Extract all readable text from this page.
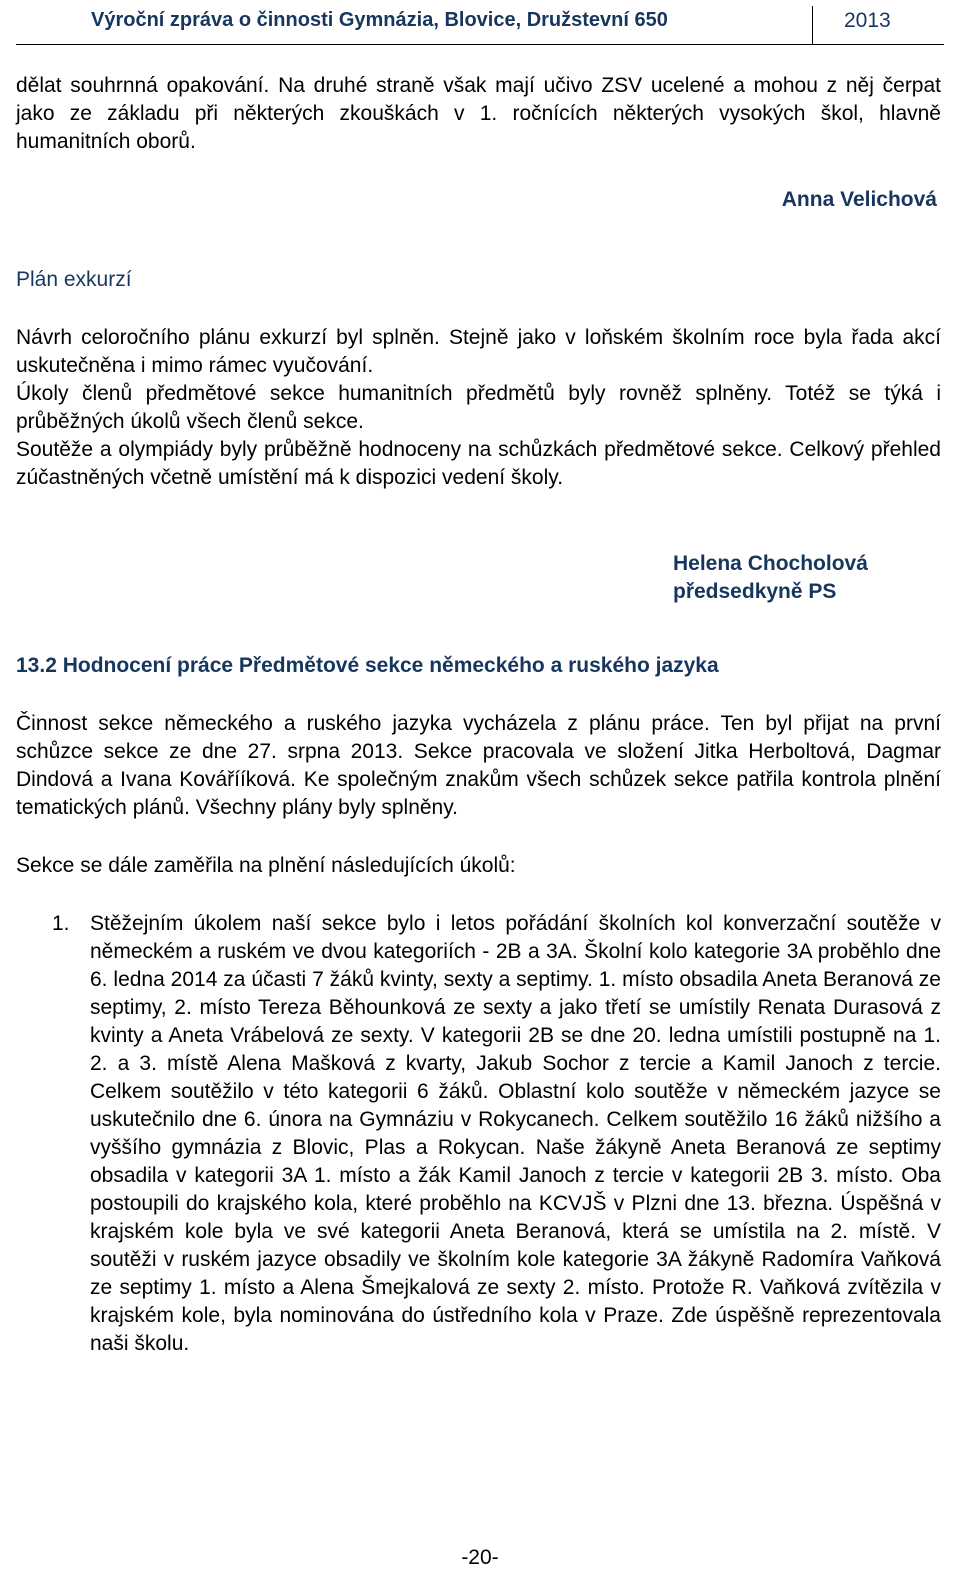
Výroční zpráva o činnosti Gymnázia, Blovice, Družstevní 650	2013

dělat souhrnná opakování. Na druhé straně však mají učivo ZSV ucelené a mohou z něj čerpat jako ze základu při některých zkouškách v 1. ročnících některých vysokých škol, hlavně humanitních oborů.

Anna Velichová

Plán exkurzí

Návrh celoročního plánu exkurzí byl splněn. Stejně jako v loňském školním roce byla řada akcí uskutečněna i mimo rámec vyučování.

Úkoly členů předmětové sekce humanitních předmětů byly rovněž splněny. Totéž se týká i průběžných úkolů všech členů sekce.

Soutěže a olympiády byly průběžně hodnoceny na schůzkách předmětové sekce. Celkový přehled zúčastněných včetně umístění má k dispozici vedení školy.

Helena Chocholová

předsedkyně PS

13.2 Hodnocení práce Předmětové sekce německého a ruského jazyka

Činnost sekce německého a ruského jazyka vycházela z plánu práce. Ten byl přijat na první schůzce sekce ze dne 27. srpna 2013. Sekce pracovala ve složení Jitka Herboltová, Dagmar Dindová a Ivana Kovářííková. Ke společným znakům všech schůzek sekce patřila kontrola plnění tematických plánů. Všechny plány byly splněny.

Sekce se dále zaměřila na plnění následujících úkolů:

1. Stěžejním úkolem naší sekce bylo i letos pořádání školních kol konverzační soutěže v německém a ruském ve dvou kategoriích - 2B a 3A. Školní kolo kategorie 3A proběhlo dne 6. ledna 2014 za účasti 7 žáků kvinty, sexty a septimy. 1. místo obsadila Aneta Beranová ze septimy, 2. místo Tereza Běhounková ze sexty a jako třetí se umístily Renata Durasová z kvinty a Aneta Vrábelová ze sexty. V kategorii 2B se dne 20. ledna umístili postupně na 1. 2. a 3. místě Alena Mašková z kvarty, Jakub Sochor z tercie a Kamil Janoch z tercie. Celkem soutěžilo v této kategorii 6 žáků. Oblastní kolo soutěže v německém jazyce se uskutečnilo dne 6. února na Gymnáziu v Rokycanech. Celkem soutěžilo 16 žáků nižšího a vyššího gymnázia z Blovic, Plas a Rokycan. Naše žákyně Aneta Beranová ze septimy obsadila v kategorii 3A 1. místo a žák Kamil Janoch z tercie v kategorii 2B 3. místo. Oba postoupili do krajského kola, které proběhlo na KCVJŠ v Plzni dne 13. března. Úspěšná v krajském kole byla ve své kategorii Aneta Beranová, která se umístila na 2. místě. V soutěži v ruském jazyce obsadily ve školním kole kategorie 3A žákyně Radomíra Vaňková ze septimy 1. místo a Alena Šmejkalová ze sexty 2. místo. Protože R. Vaňková zvítězila v krajském kole, byla nominována do ústředního kola v Praze. Zde úspěšně reprezentovala naši školu.

-20-
